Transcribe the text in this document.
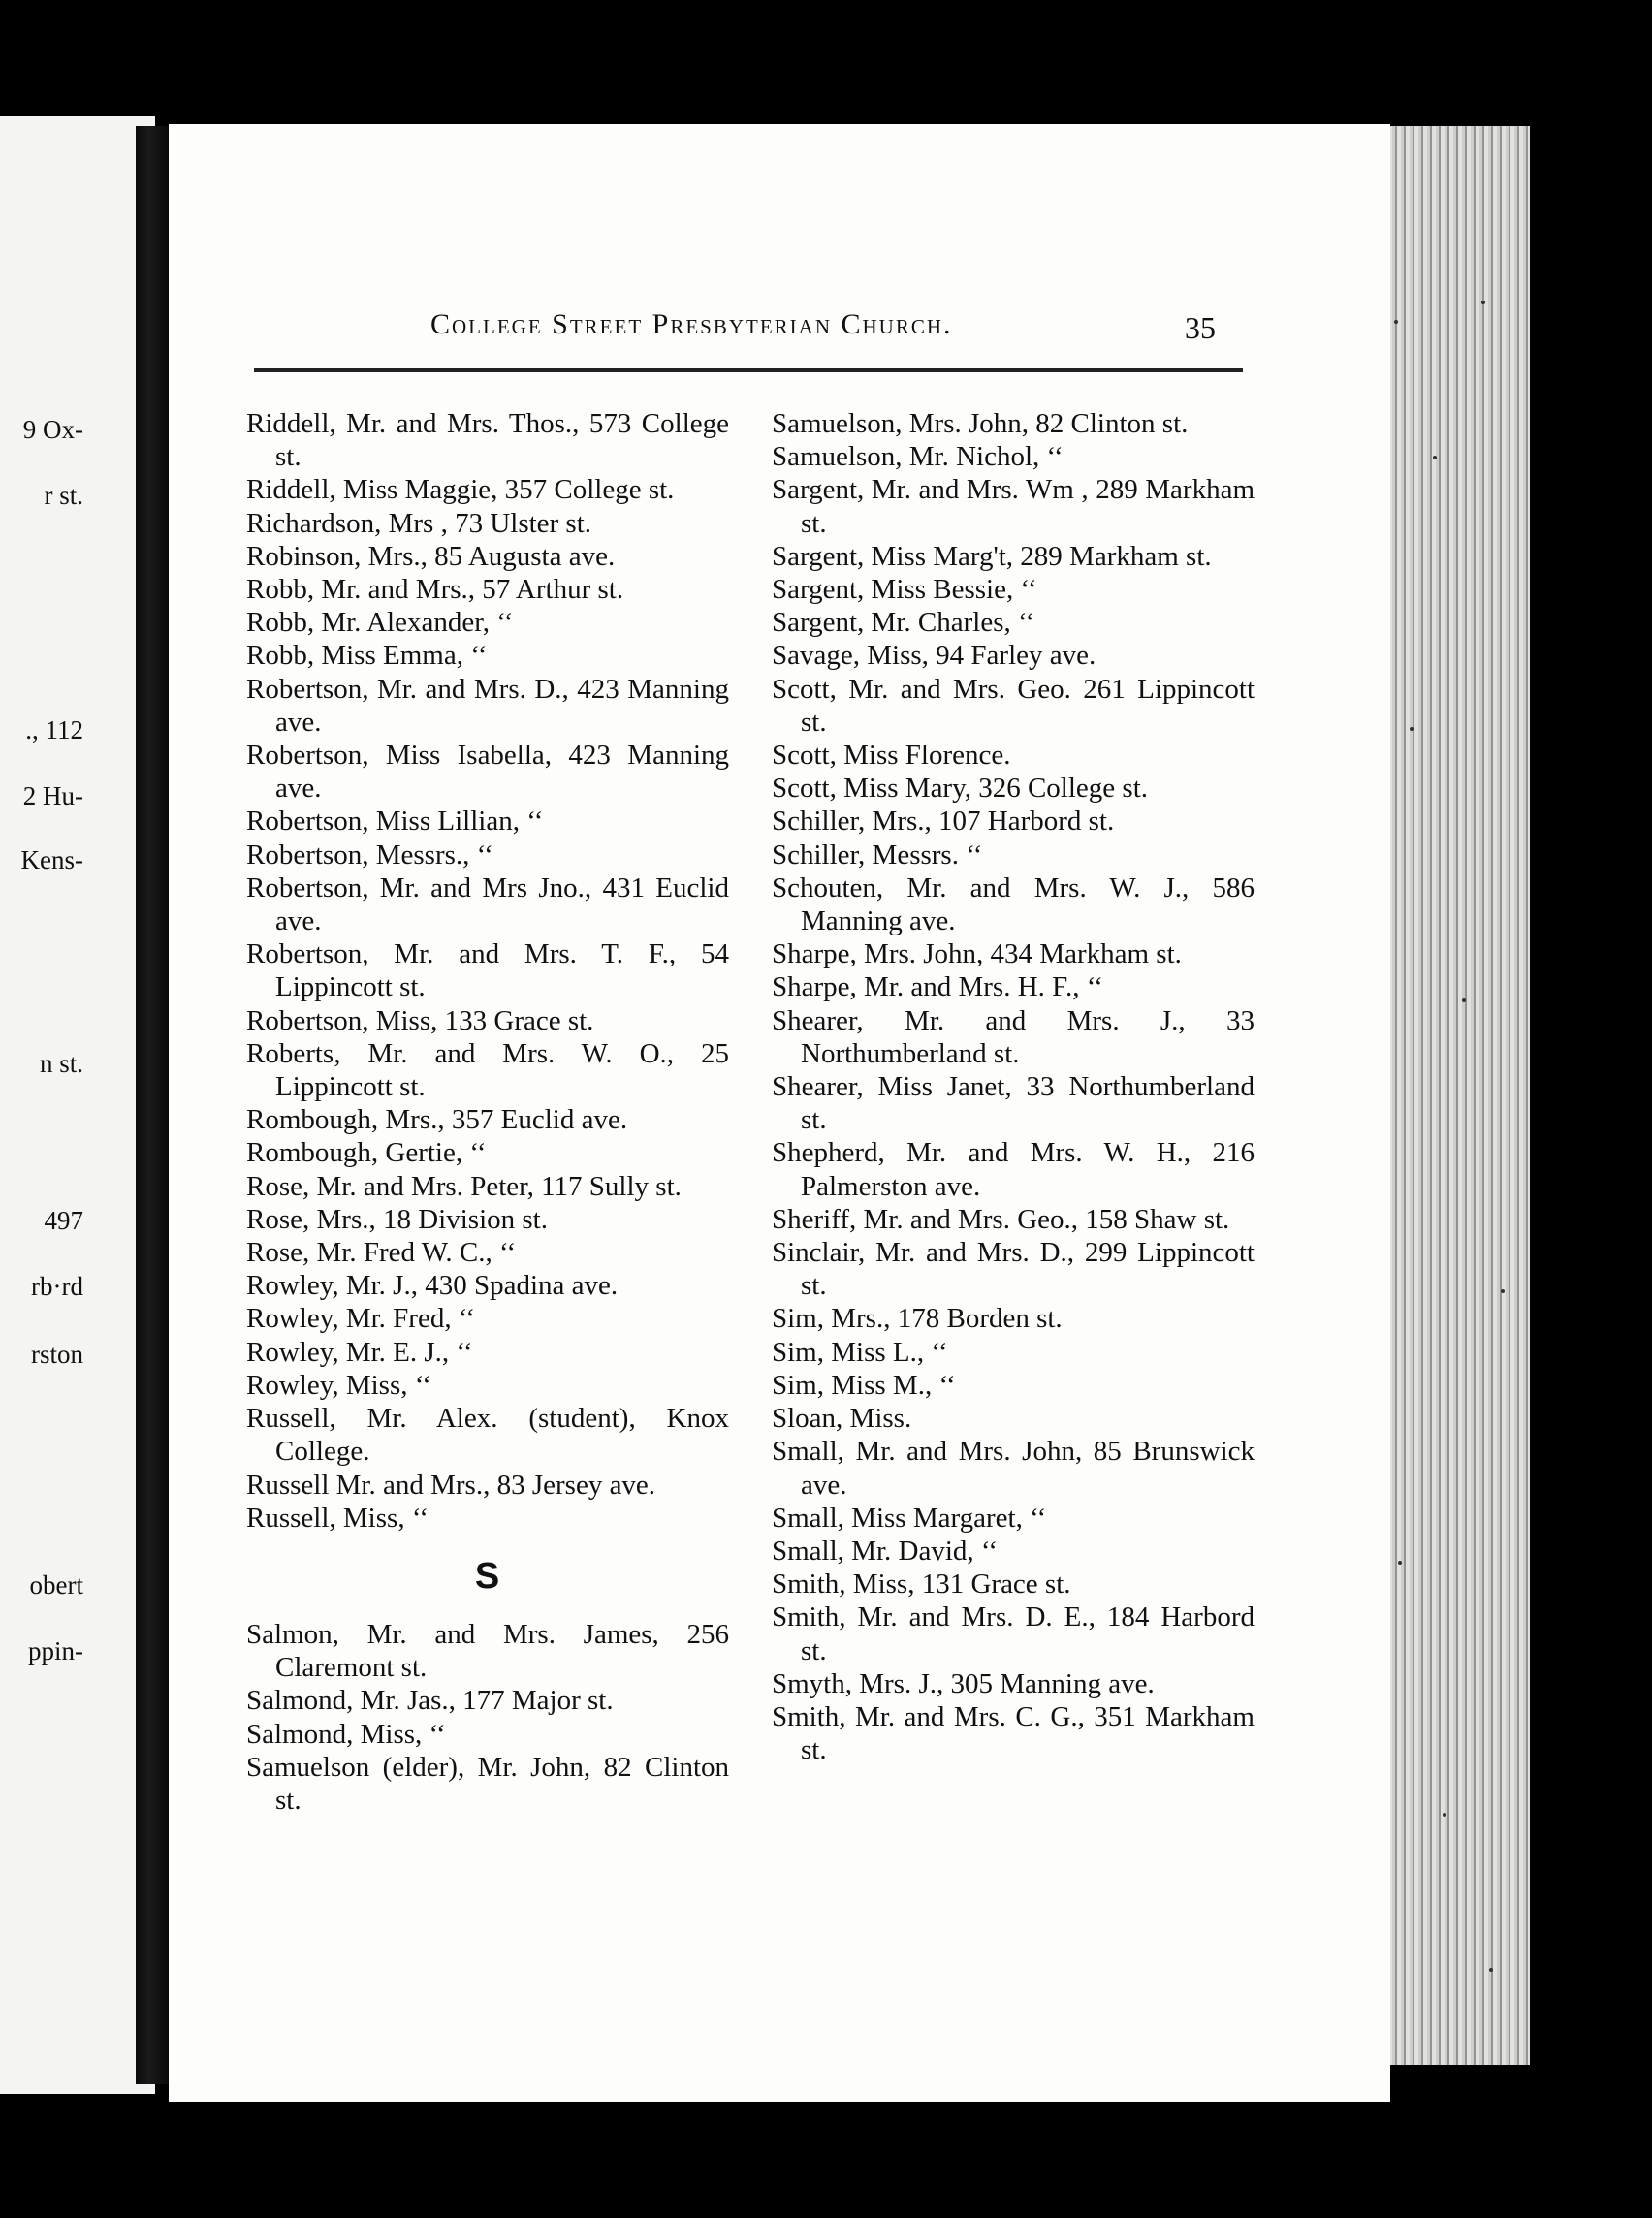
9 Ox-
r st.
., 112
2 Hu-
Kens-
n st.
497
rb·rd
rston
obert
ppin-
College Street Presbyterian Church.	35

Riddell, Mr. and Mrs. Thos., 573 College st.

Riddell, Miss Maggie, 357 College st.

Richardson, Mrs , 73 Ulster st.

Robinson, Mrs., 85 Augusta ave.

Robb, Mr. and Mrs., 57 Arthur st.

Robb, Mr. Alexander, ‘‘

Robb, Miss Emma, ‘‘

Robertson, Mr. and Mrs. D., 423 Manning ave.

Robertson, Miss Isabella, 423 Manning ave.

Robertson, Miss Lillian, ‘‘

Robertson, Messrs., ‘‘

Robertson, Mr. and Mrs Jno., 431 Euclid ave.

Robertson, Mr. and Mrs. T. F., 54 Lippincott st.

Robertson, Miss, 133 Grace st.

Roberts, Mr. and Mrs. W. O., 25 Lippincott st.

Rombough, Mrs., 357 Euclid ave.

Rombough, Gertie, ‘‘

Rose, Mr. and Mrs. Peter, 117 Sully st.

Rose, Mrs., 18 Division st.

Rose, Mr. Fred W. C., ‘‘

Rowley, Mr. J., 430 Spadina ave.

Rowley, Mr. Fred, ‘‘

Rowley, Mr. E. J., ‘‘

Rowley, Miss, ‘‘

Russell, Mr. Alex. (student), Knox College.

Russell Mr. and Mrs., 83 Jersey ave.

Russell, Miss, ‘‘

S

Salmon, Mr. and Mrs. James, 256 Claremont st.

Salmond, Mr. Jas., 177 Major st.

Salmond, Miss, ‘‘

Samuelson (elder), Mr. John, 82 Clinton st.

Samuelson, Mrs. John, 82 Clinton st.

Samuelson, Mr. Nichol, ‘‘

Sargent, Mr. and Mrs. Wm , 289 Markham st.

Sargent, Miss Marg't, 289 Markham st.

Sargent, Miss Bessie, ‘‘

Sargent, Mr. Charles, ‘‘

Savage, Miss, 94 Farley ave.

Scott, Mr. and Mrs. Geo. 261 Lippincott st.

Scott, Miss Florence.

Scott, Miss Mary, 326 College st.

Schiller, Mrs., 107 Harbord st.

Schiller, Messrs. ‘‘

Schouten, Mr. and Mrs. W. J., 586 Manning ave.

Sharpe, Mrs. John, 434 Markham st.

Sharpe, Mr. and Mrs. H. F., ‘‘

Shearer, Mr. and Mrs. J., 33 Northumberland st.

Shearer, Miss Janet, 33 Northumberland st.

Shepherd, Mr. and Mrs. W. H., 216 Palmerston ave.

Sheriff, Mr. and Mrs. Geo., 158 Shaw st.

Sinclair, Mr. and Mrs. D., 299 Lippincott st.

Sim, Mrs., 178 Borden st.

Sim, Miss L., ‘‘

Sim, Miss M., ‘‘

Sloan, Miss.

Small, Mr. and Mrs. John, 85 Brunswick ave.

Small, Miss Margaret, ‘‘

Small, Mr. David, ‘‘

Smith, Miss, 131 Grace st.

Smith, Mr. and Mrs. D. E., 184 Harbord st.

Smyth, Mrs. J., 305 Manning ave.

Smith, Mr. and Mrs. C. G., 351 Markham st.
